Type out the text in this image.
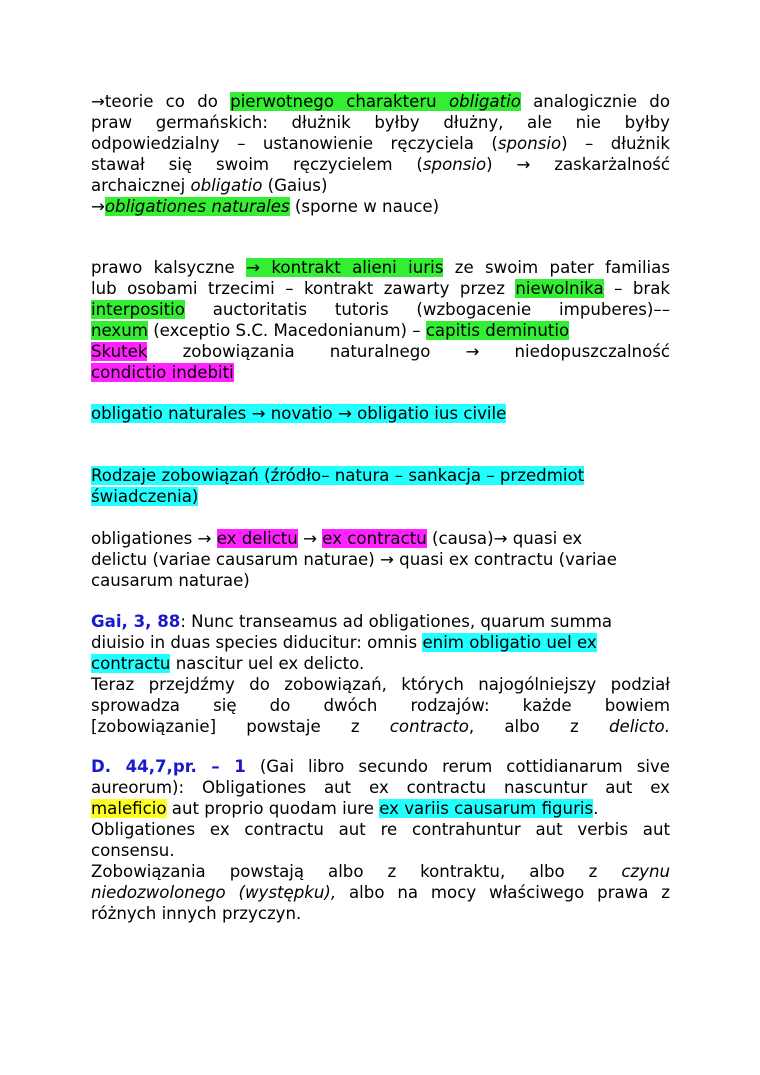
→teorie co do pierwotnego charakteru obligatio analogicznie do
praw germańskich: dłużnik byłby dłużny, ale nie byłby
odpowiedzialny – ustanowienie ręczyciela (sponsio) – dłużnik
stawał się swoim ręczycielem (sponsio) → zaskarżalność
archaicznej obligatio (Gaius)
→obligationes naturales (sporne w nauce)
prawo kalsyczne → kontrakt alieni iuris ze swoim pater familias
lub osobami trzecimi – kontrakt zawarty przez niewolnika – brak
interpositio auctoritatis tutoris (wzbogacenie impuberes)––
nexum (exceptio S.C. Macedonianum) – capitis deminutio
Skutek zobowiązania naturalnego → niedopuszczalność
condictio indebiti
obligatio naturales → novatio → obligatio ius civile
Rodzaje zobowiązań (źródło– natura – sankacja – przedmiot
świadczenia)
obligationes → ex delictu → ex contractu (causa)→ quasi ex
delictu (variae causarum naturae) → quasi ex contractu (variae
causarum naturae)
Gai, 3, 88: Nunc transeamus ad obligationes, quarum summa
diuisio in duas species diducitur: omnis enim obligatio uel ex
contractu nascitur uel ex delicto.
Teraz przejdźmy do zobowiązań, których najogólniejszy podział
sprowadza się do dwóch rodzajów: każde bowiem
[zobowiązanie] powstaje z contracto, albo z delicto.
D. 44,7,pr. – 1 (Gai libro secundo rerum cottidianarum sive
aureorum): Obligationes aut ex contractu nascuntur aut ex
maleficio aut proprio quodam iure ex variis causarum figuris.
Obligationes ex contractu aut re contrahuntur aut verbis aut
consensu.
Zobowiązania powstają albo z kontraktu, albo z czynu
niedozwolonego (występku), albo na mocy właściwego prawa z
różnych innych przyczyn.
